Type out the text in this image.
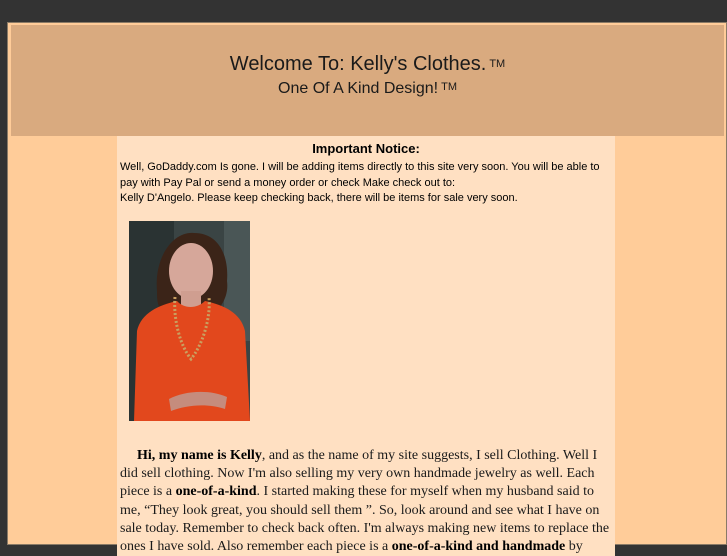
Welcome To: Kelly's Clothes. TM
One Of A Kind Design! TM
Important Notice:
Well, GoDaddy.com Is gone. I will be adding items directly to this site very soon. You will be able to pay with Pay Pal or send a money order or check Make check out to:
Kelly D'Angelo. Please keep checking back, there will be items for sale very soon.
Hi, my name is Kelly, and as the name of my site suggests, I sell Clothing. Well I did sell clothing. Now I'm also selling my very own handmade jewelry as well. Each piece is a one-of-a-kind. I started making these for myself when my husband said to me, “They look great, you should sell them ”. So, look around and see what I have on sale today. Remember to check back often. I'm always making new items to replace the ones I have sold. Also remember each piece is a one-of-a-kind and handmade by
